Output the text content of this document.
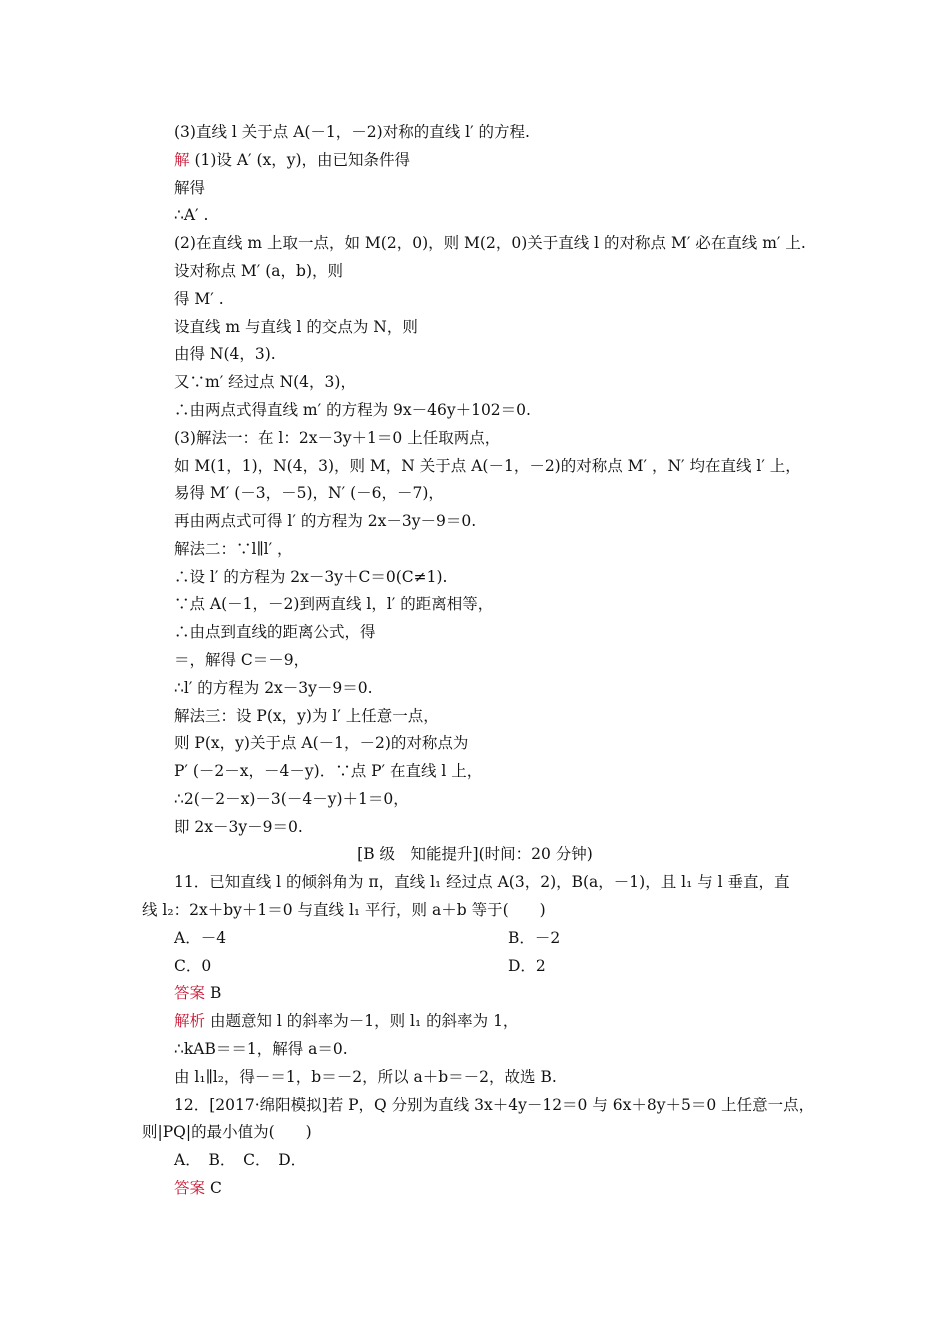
(3)直线 l 关于点 A(－1，－2)对称的直线 l′ 的方程.
解 (1)设 A′ (x，y)，由已知条件得
解得
∴A′ .
(2)在直线 m 上取一点，如 M(2，0)，则 M(2，0)关于直线 l 的对称点 M′ 必在直线 m′ 上.
设对称点 M′ (a，b)，则
得 M′ .
设直线 m 与直线 l 的交点为 N，则
由得 N(4，3).
又∵m′ 经过点 N(4，3)，
∴由两点式得直线 m′ 的方程为 9x－46y＋102＝0.
(3)解法一：在 l：2x－3y＋1＝0 上任取两点，
如 M(1，1)，N(4，3)，则 M，N 关于点 A(－1，－2)的对称点 M′ ，N′ 均在直线 l′ 上，
易得 M′ (－3，－5)，N′ (－6，－7)，
再由两点式可得 l′ 的方程为 2x－3y－9＝0.
解法二：∵l∥l′ ，
∴设 l′ 的方程为 2x－3y＋C＝0(C≠1).
∵点 A(－1，－2)到两直线 l，l′ 的距离相等，
∴由点到直线的距离公式，得
＝，解得 C＝－9，
∴l′ 的方程为 2x－3y－9＝0.
解法三：设 P(x，y)为 l′ 上任意一点，
则 P(x，y)关于点 A(－1，－2)的对称点为
P′ (－2－x，－4－y)．∵点 P′ 在直线 l 上，
∴2(－2－x)－3(－4－y)＋1＝0，
即 2x－3y－9＝0.
[B 级　知能提升](时间：20 分钟)
11．已知直线 l 的倾斜角为 π，直线 l₁ 经过点 A(3，2)，B(a，－1)，且 l₁ 与 l 垂直，直
线 l₂：2x＋by＋1＝0 与直线 l₁ 平行，则 a＋b 等于(　　)
A．－4	B．－2
C．0	D．2
答案 B
解析 由题意知 l 的斜率为－1，则 l₁ 的斜率为 1，
∴kAB＝＝1，解得 a＝0.
由 l₁∥l₂，得－＝1，b＝－2，所以 a＋b＝－2，故选 B.
12．[2017·绵阳模拟]若 P，Q 分别为直线 3x＋4y－12＝0 与 6x＋8y＋5＝0 上任意一点，
则|PQ|的最小值为(　　)
A．　B．　C．　D．
答案 C
